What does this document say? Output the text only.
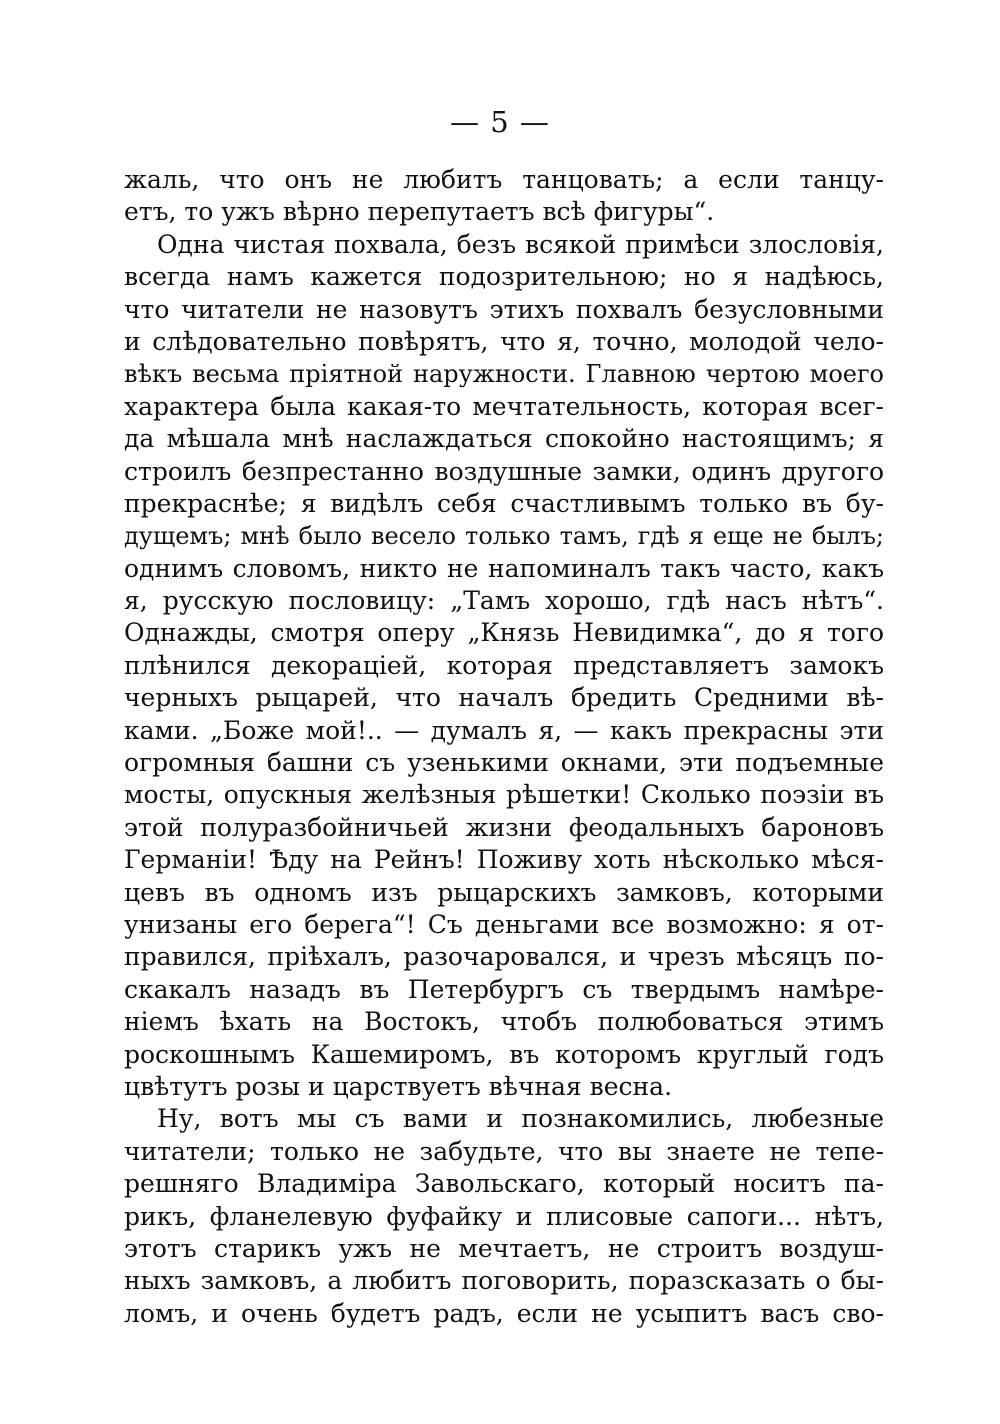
— 5 —
жаль, что онъ не любитъ танцовать; а если танцу-
етъ, то ужъ вѣрно перепутаетъ всѣ фигуры“.
Одна чистая похвала, безъ всякой примѣси злословія,
всегда намъ кажется подозрительною; но я надѣюсь,
что читатели не назовутъ этихъ похвалъ безусловными
и слѣдовательно повѣрятъ, что я, точно, молодой чело-
вѣкъ весьма пріятной наружности. Главною чертою моего
характера была какая-то мечтательность, которая всег-
да мѣшала мнѣ наслаждаться спокойно настоящимъ; я
строилъ безпрестанно воздушные замки, одинъ другого
прекраснѣе; я видѣлъ себя счастливымъ только въ бу-
дущемъ; мнѣ было весело только тамъ, гдѣ я еще не былъ;
однимъ словомъ, никто не напоминалъ такъ часто, какъ
я, русскую пословицу: „Тамъ хорошо, гдѣ насъ нѣтъ“.
Однажды, смотря оперу „Князь Невидимка“, до я того
плѣнился декорацiей, которая представляетъ замокъ
черныхъ рыцарей, что началъ бредить Средними вѣ-
ками. „Боже мой!.. — думалъ я, — какъ прекрасны эти
огромныя башни съ узенькими окнами, эти подъемные
мосты, опускныя желѣзныя рѣшетки! Сколько поэзіи въ
этой полуразбойничьей жизни феодальныхъ бароновъ
Германіи! Ѣду на Рейнъ! Поживу хоть нѣсколько мѣся-
цевъ въ одномъ изъ рыцарскихъ замковъ, которыми
унизаны его берега“! Съ деньгами все возможно: я от-
правился, пріѣхалъ, разочаровался, и чрезъ мѣсяцъ по-
скакалъ назадъ въ Петербургъ съ твердымъ намѣре-
ніемъ ѣхать на Востокъ, чтобъ полюбоваться этимъ
роскошнымъ Кашемиромъ, въ которомъ круглый годъ
цвѣтутъ розы и царствуетъ вѣчная весна.
Ну, вотъ мы съ вами и познакомились, любезные
читатели; только не забудьте, что вы знаете не тепе-
решняго Владиміра Завольскаго, который носитъ па-
рикъ, фланелевую фуфайку и плисовые сапоги... нѣтъ,
этотъ старикъ ужъ не мечтаетъ, не строитъ воздуш-
ныхъ замковъ, а любитъ поговорить, поразсказать о бы-
ломъ, и очень будетъ радъ, если не усыпитъ васъ сво-
